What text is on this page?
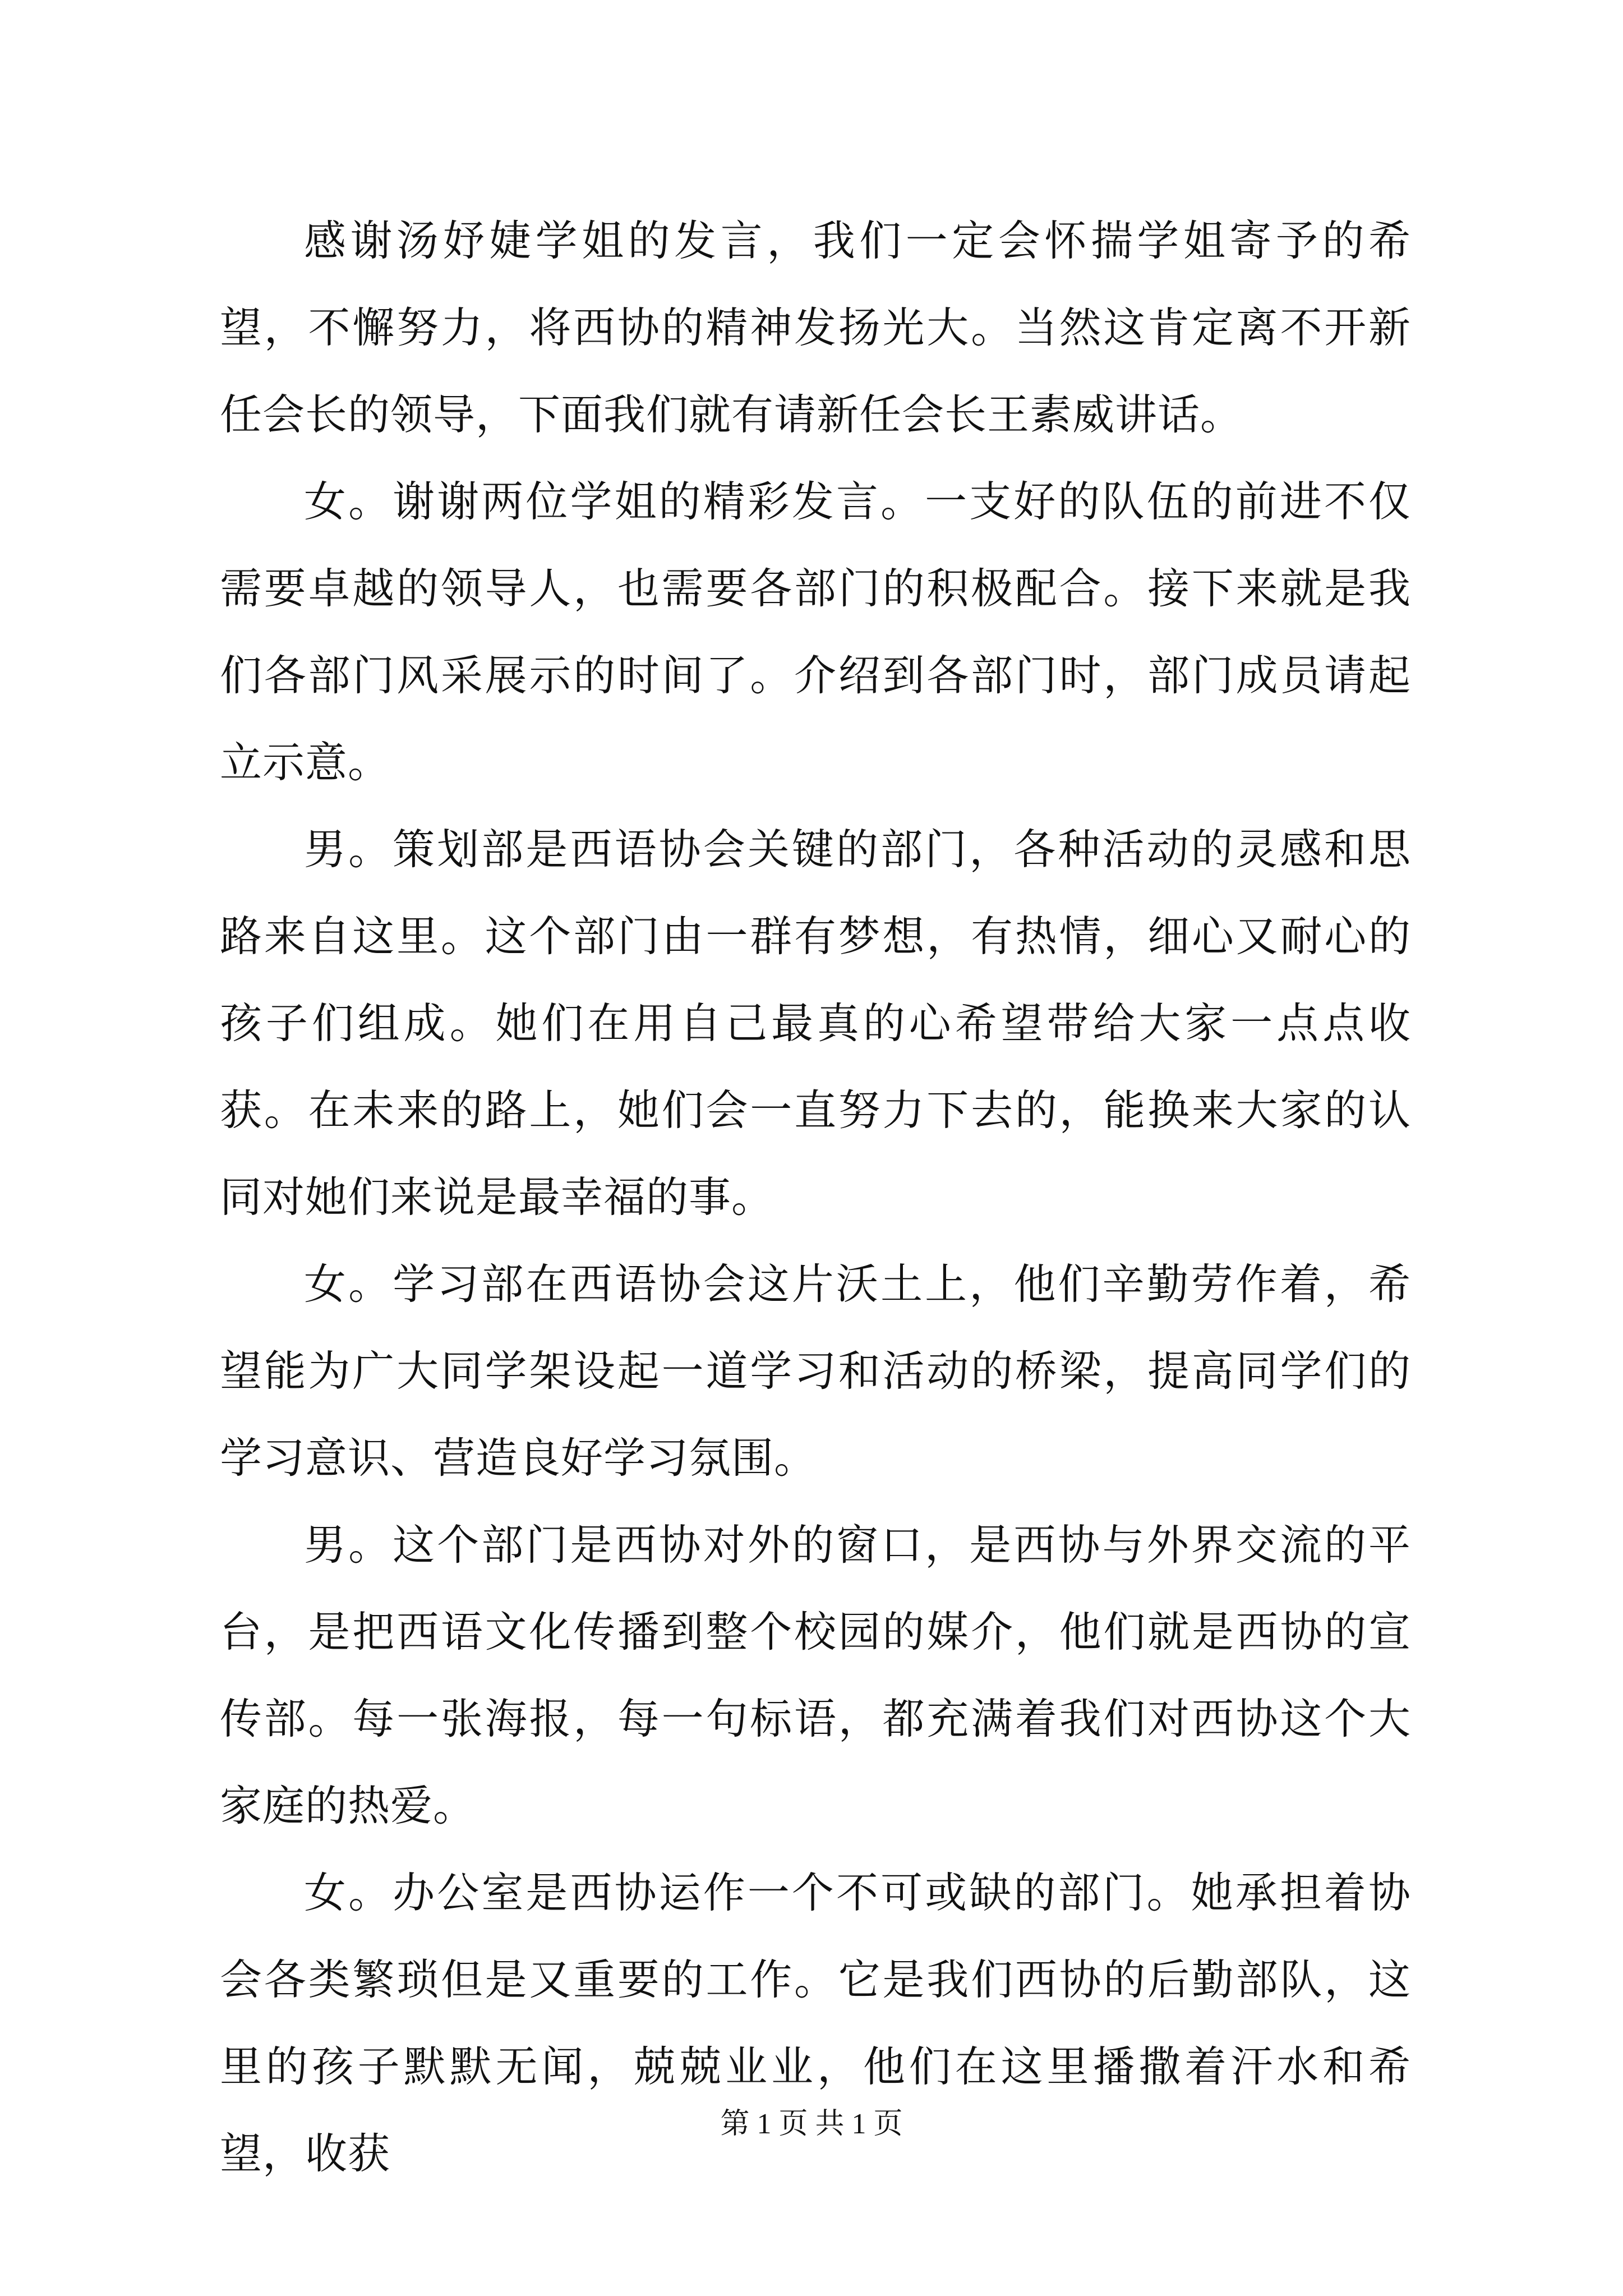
感谢汤妤婕学姐的发言，我们一定会怀揣学姐寄予的希望，不懈努力，将西协的精神发扬光大。当然这肯定离不开新任会长的领导，下面我们就有请新任会长王素威讲话。

女。谢谢两位学姐的精彩发言。一支好的队伍的前进不仅需要卓越的领导人，也需要各部门的积极配合。接下来就是我们各部门风采展示的时间了。介绍到各部门时，部门成员请起立示意。

男。策划部是西语协会关键的部门，各种活动的灵感和思路来自这里。这个部门由一群有梦想，有热情，细心又耐心的孩子们组成。她们在用自己最真的心希望带给大家一点点收获。在未来的路上，她们会一直努力下去的，能换来大家的认同对她们来说是最幸福的事。

女。学习部在西语协会这片沃土上，他们辛勤劳作着，希望能为广大同学架设起一道学习和活动的桥梁，提高同学们的学习意识、营造良好学习氛围。

男。这个部门是西协对外的窗口，是西协与外界交流的平台，是把西语文化传播到整个校园的媒介，他们就是西协的宣传部。每一张海报，每一句标语，都充满着我们对西协这个大家庭的热爱。

女。办公室是西协运作一个不可或缺的部门。她承担着协会各类繁琐但是又重要的工作。它是我们西协的后勤部队，这里的孩子默默无闻，兢兢业业，他们在这里播撒着汗水和希望，收获

第 1 页 共 1 页
